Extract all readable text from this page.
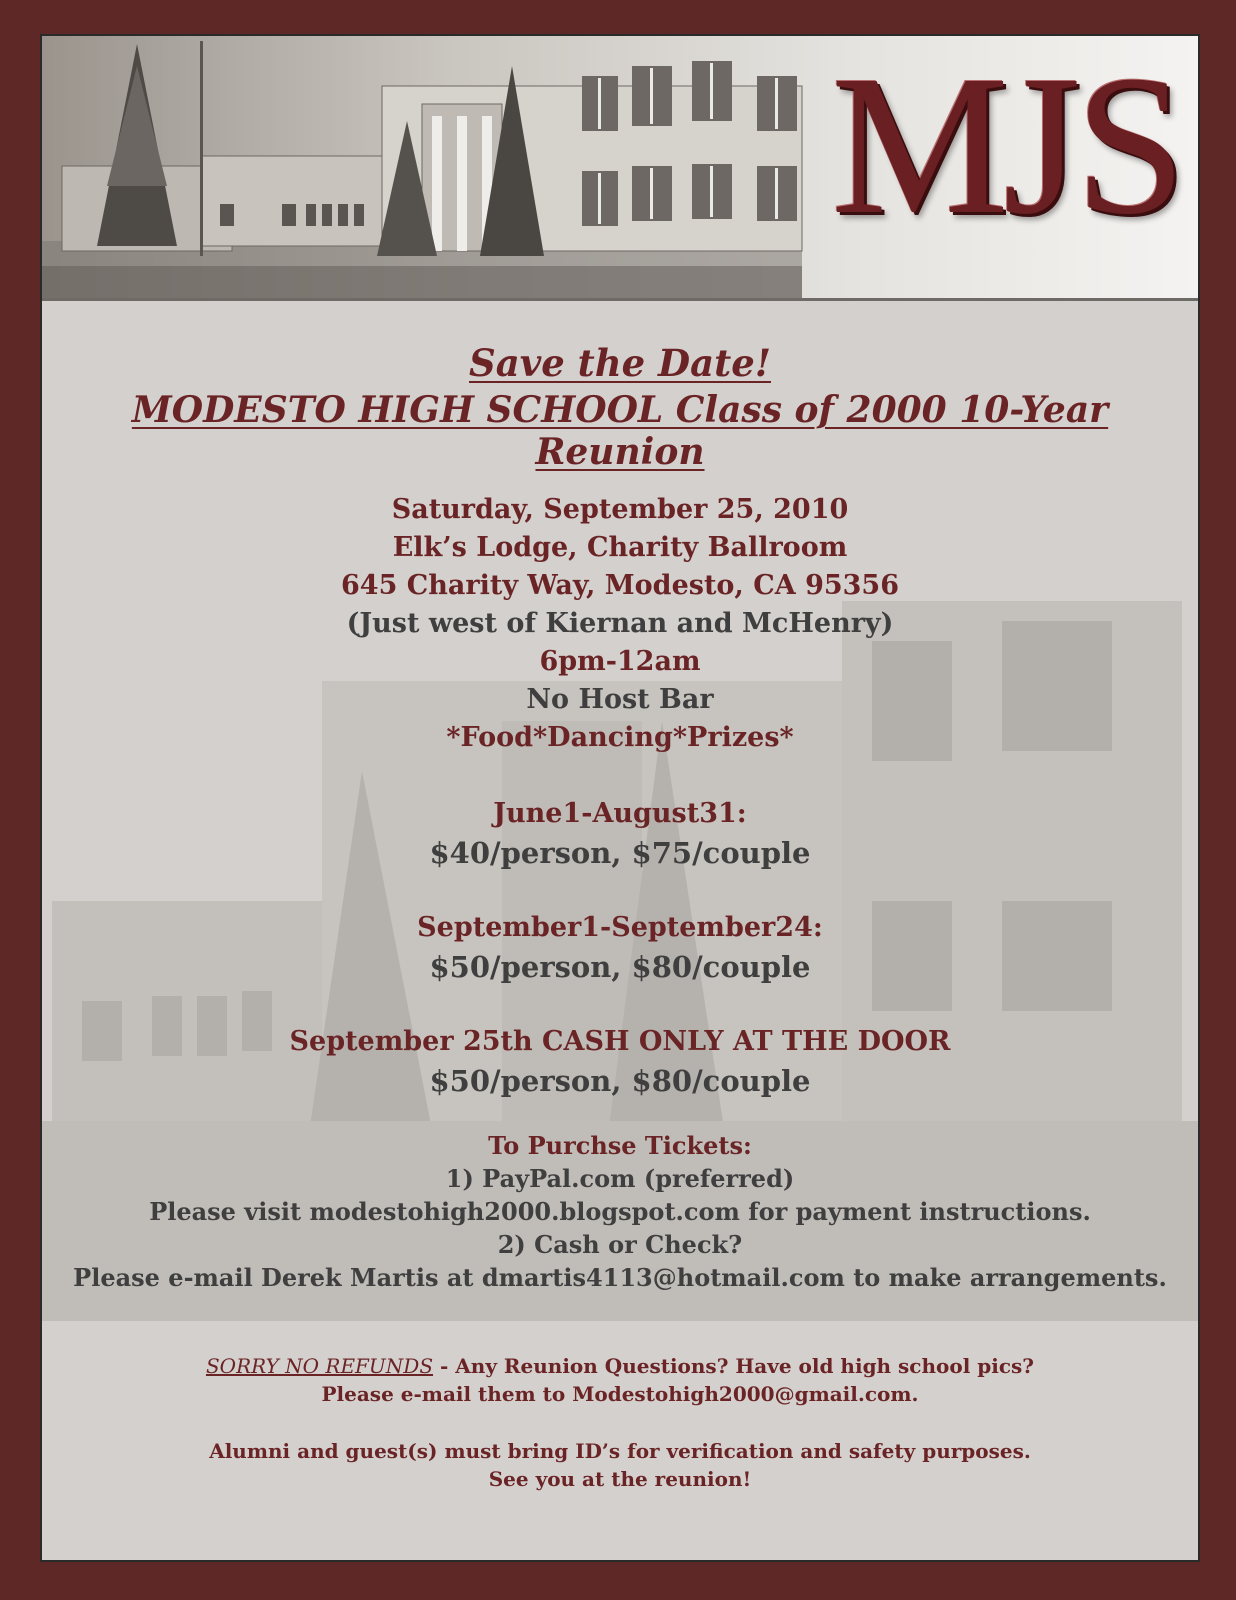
MJS
Save the Date!
MODESTO HIGH SCHOOL Class of 2000 10-Year Reunion
Saturday, September 25, 2010
Elk’s Lodge, Charity Ballroom
645 Charity Way, Modesto, CA 95356
(Just west of Kiernan and McHenry)
6pm-12am
No Host Bar
*Food*Dancing*Prizes*
June1-August31:
$40/person, $75/couple
September1-September24:
$50/person, $80/couple
September 25th CASH ONLY AT THE DOOR
$50/person, $80/couple
To Purchse Tickets:
1) PayPal.com (preferred)
Please visit modestohigh2000.blogspot.com for payment instructions.
2) Cash or Check?
Please e-mail Derek Martis at dmartis4113@hotmail.com to make arrangements.
SORRY NO REFUNDS - Any Reunion Questions? Have old high school pics?
Please e-mail them to Modestohigh2000@gmail.com.
Alumni and guest(s) must bring ID’s for verification and safety purposes.
See you at the reunion!
